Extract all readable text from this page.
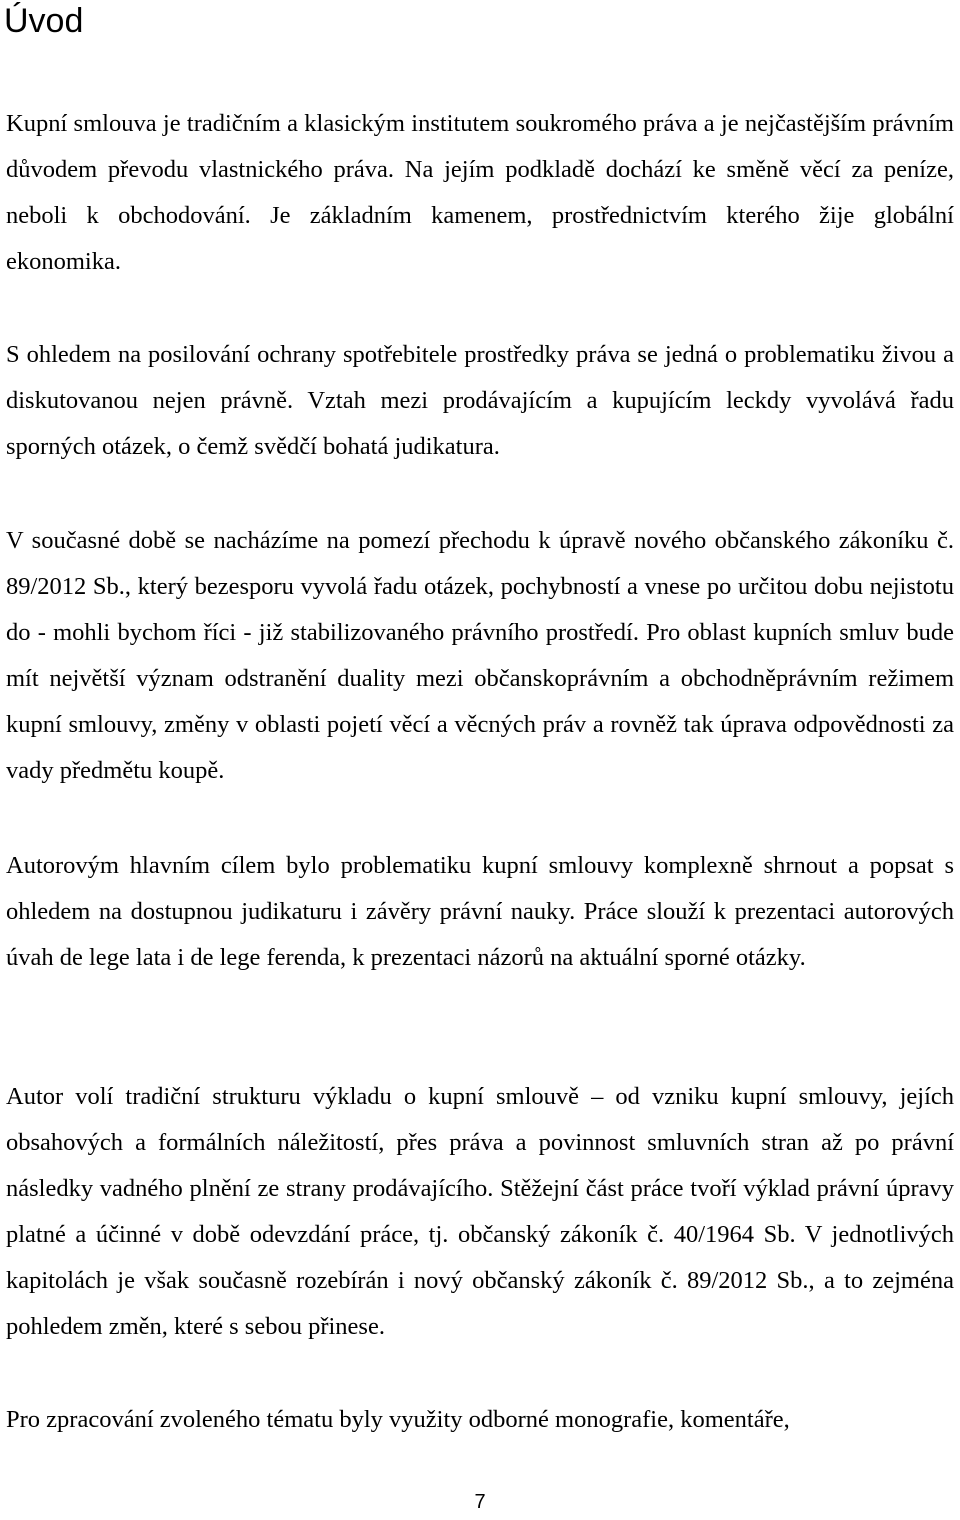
Úvod

Kupní smlouva je tradičním a klasickým institutem soukromého práva a je nejčastějším právním důvodem převodu vlastnického práva. Na jejím podkladě dochází ke směně věcí za peníze, neboli k obchodování. Je základním kamenem, prostřednictvím kterého žije globální ekonomika.

S ohledem na posilování ochrany spotřebitele prostředky práva se jedná o problematiku živou a diskutovanou nejen právně. Vztah mezi prodávajícím a kupujícím leckdy vyvolává řadu sporných otázek, o čemž svědčí bohatá judikatura.

V současné době se nacházíme na pomezí přechodu k úpravě nového občanského zákoníku č. 89/2012 Sb., který bezesporu vyvolá řadu otázek, pochybností a vnese po určitou dobu nejistotu do - mohli bychom říci - již stabilizovaného právního prostředí. Pro oblast kupních smluv bude mít největší význam odstranění duality mezi občanskoprávním a obchodněprávním režimem kupní smlouvy, změny v oblasti pojetí věcí a věcných práv a rovněž tak úprava odpovědnosti za vady předmětu koupě.

Autorovým hlavním cílem bylo problematiku kupní smlouvy komplexně shrnout a popsat s ohledem na dostupnou judikaturu i závěry právní nauky. Práce slouží k prezentaci autorových úvah de lege lata i de lege ferenda, k prezentaci názorů na aktuální sporné otázky.

Autor volí tradiční strukturu výkladu o kupní smlouvě – od vzniku kupní smlouvy, jejích obsahových a formálních náležitostí, přes práva a povinnost smluvních stran až po právní následky vadného plnění ze strany prodávajícího. Stěžejní část práce tvoří výklad právní úpravy platné a účinné v době odevzdání práce, tj. občanský zákoník č. 40/1964 Sb. V jednotlivých kapitolách je však současně rozebírán i nový občanský zákoník č. 89/2012 Sb., a to zejména pohledem změn, které s sebou přinese.

Pro zpracování zvoleného tématu byly využity odborné monografie, komentáře,

7
